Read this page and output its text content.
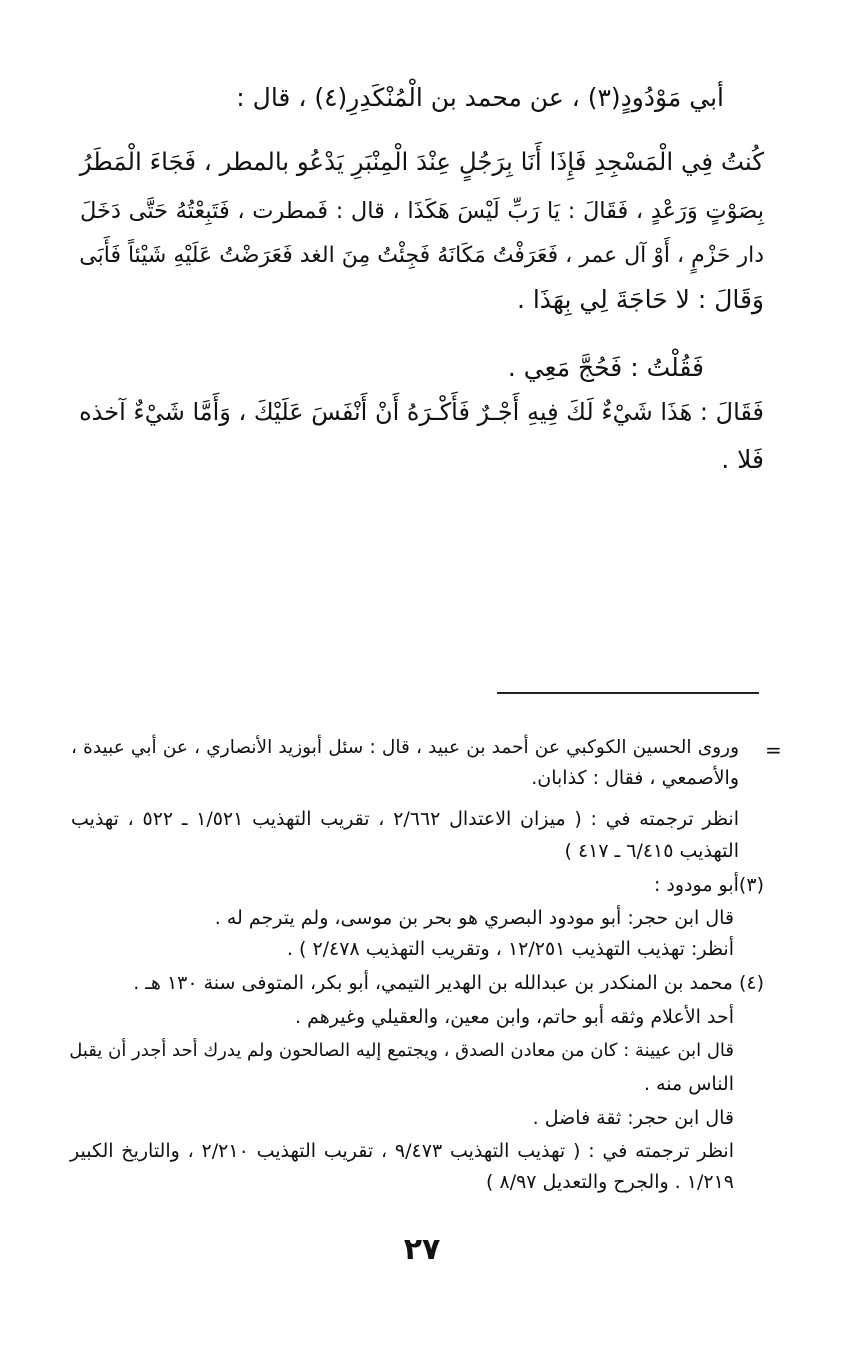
أبي مَوْدُودٍ(٣) ، عن محمد بن الْمُنْكَدِرِ(٤) ، قال :
كُنتُ فِي الْمَسْجِدِ فَإِذَا أَنَا بِرَجُلٍ عِنْدَ الْمِنْبَرِ يَدْعُو بالمطر ، فَجَاءَ الْمَطَرُ
بِصَوْتٍ وَرَعْدٍ ، فَقَالَ : يَا رَبِّ لَيْسَ هَكَذَا ، قال : فَمطرت ، فَتَبِعْتُهُ حَتَّى دَخَلَ
دار حَزْمٍ ، أَوْ آل عمر ، فَعَرَفْتُ مَكَانَهُ فَجِئْتُ مِنَ الغد فَعَرَضْتُ عَلَيْهِ شَيْئاً فَأَبَى
وَقَالَ : لا حَاجَةَ لِي بِهَذَا .
فَقُلْتُ : فَحُجَّ مَعِي .
فَقَالَ : هَذَا شَيْءٌ لَكَ فِيهِ أَجْـرٌ فَأَكْـرَهُ أَنْ أَنْفَسَ عَلَيْكَ ، وَأَمَّا شَيْءٌ آخذه
فَلا .
=
وروى الحسين الكوكبي عن أحمد بن عبيد ، قال : سئل أبوزيد الأنصاري ، عن أبي عبيدة ،
والأصمعي ، فقال : كذابان.
انظر ترجمته في : ( ميزان الاعتدال ٢/٦٦٢ ، تقريب التهذيب ١/٥٢١ ـ ٥٢٢ ، تهذيب
التهذيب ٦/٤١٥ ـ ٤١٧ )
(٣)أبو مودود :
قال ابن حجر: أبو مودود البصري هو بحر بن موسى، ولم يترجم له .
أنظر: تهذيب التهذيب ١٢/٢٥١ ، وتقريب التهذيب ٢/٤٧٨ ) .
(٤) محمد بن المنكدر بن عبدالله بن الهدير التيمي، أبو بكر، المتوفى سنة ١٣٠ هـ .
أحد الأعلام وثقه أبو حاتم، وابن معين، والعقيلي وغيرهم .
قال ابن عيينة : كان من معادن الصدق ، ويجتمع إليه الصالحون ولم يدرك أحد أجدر أن يقبل
الناس منه .
قال ابن حجر: ثقة فاضل .
انظر ترجمته في : ( تهذيب التهذيب ٩/٤٧٣ ، تقريب التهذيب ٢/٢١٠ ، والتاريخ الكبير
١/٢١٩ . والجرح والتعديل ٨/٩٧ )
٢٧
